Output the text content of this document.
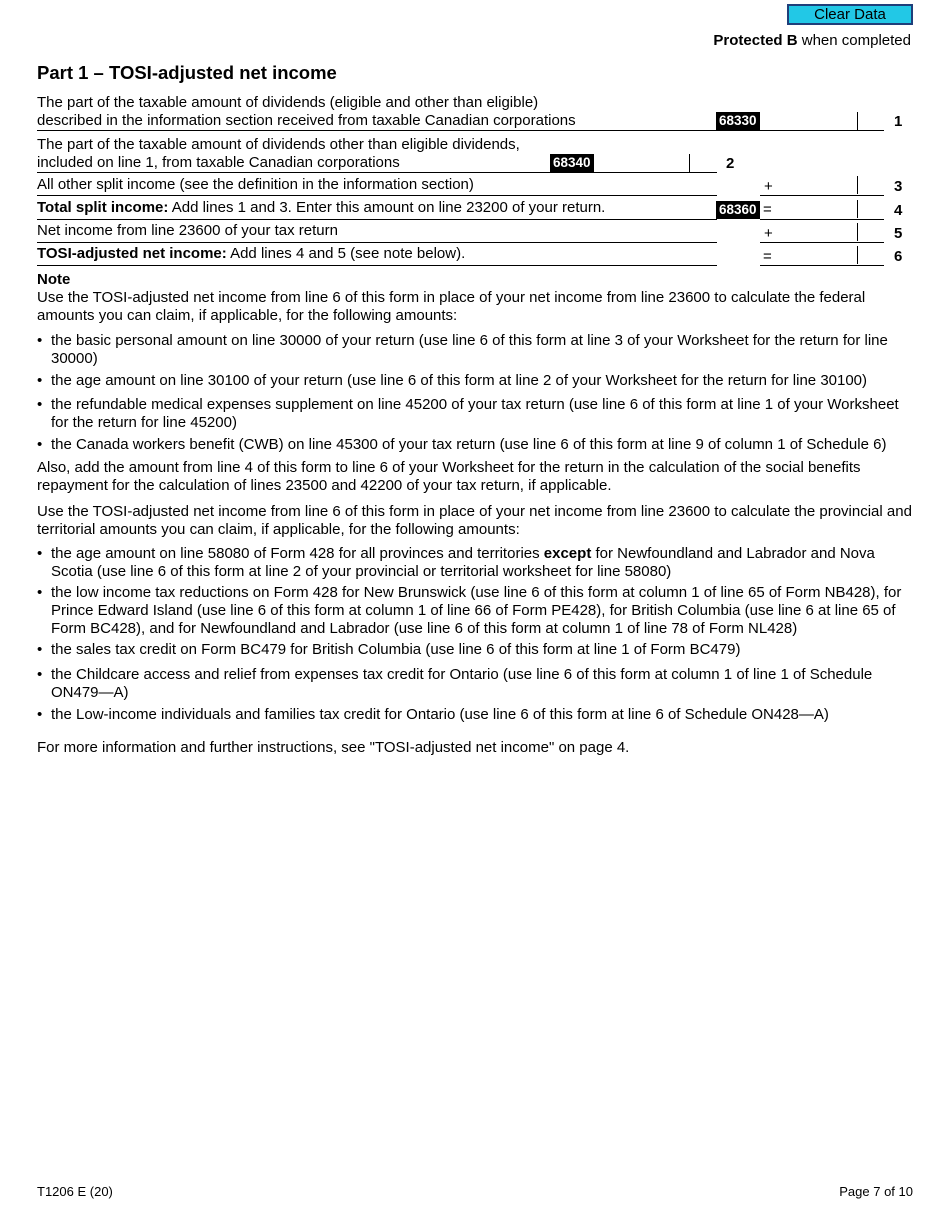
Clear Data
Protected B when completed
Part 1 – TOSI-adjusted net income
The part of the taxable amount of dividends (eligible and other than eligible)
described in the information section received from taxable Canadian corporations	68330	1
The part of the taxable amount of dividends other than eligible dividends,
included on line 1, from taxable Canadian corporations	68340	2
All other split income (see the definition in the information section)	+	3
Total split income: Add lines 1 and 3. Enter this amount on line 23200 of your return.	68360 =	4
Net income from line 23600 of your tax return	+	5
TOSI-adjusted net income: Add lines 4 and 5 (see note below).	=	6
Note
Use the TOSI-adjusted net income from line 6 of this form in place of your net income from line 23600 to calculate the federal amounts you can claim, if applicable, for the following amounts:
• the basic personal amount on line 30000 of your return (use line 6 of this form at line 3 of your Worksheet for the return for line 30000)
• the age amount on line 30100 of your return (use line 6 of this form at line 2 of your Worksheet for the return for line 30100)
• the refundable medical expenses supplement on line 45200 of your tax return (use line 6 of this form at line 1 of your Worksheet for the return for line 45200)
• the Canada workers benefit (CWB) on line 45300 of your tax return (use line 6 of this form at line 9 of column 1 of Schedule 6)
Also, add the amount from line 4 of this form to line 6 of your Worksheet for the return in the calculation of the social benefits repayment for the calculation of lines 23500 and 42200 of your tax return, if applicable.
Use the TOSI-adjusted net income from line 6 of this form in place of your net income from line 23600 to calculate the provincial and territorial amounts you can claim, if applicable, for the following amounts:
• the age amount on line 58080 of Form 428 for all provinces and territories except for Newfoundland and Labrador and Nova Scotia (use line 6 of this form at line 2 of your provincial or territorial worksheet for line 58080)
• the low income tax reductions on Form 428 for New Brunswick (use line 6 of this form at column 1 of line 65 of Form NB428), for Prince Edward Island (use line 6 of this form at column 1 of line 66 of Form PE428), for British Columbia (use line 6 at line 65 of Form BC428), and for Newfoundland and Labrador (use line 6 of this form at column 1 of line 78 of Form NL428)
• the sales tax credit on Form BC479 for British Columbia (use line 6 of this form at line 1 of Form BC479)
• the Childcare access and relief from expenses tax credit for Ontario (use line 6 of this form at column 1 of line 1 of Schedule ON479—A)
• the Low-income individuals and families tax credit for Ontario (use line 6 of this form at line 6 of Schedule ON428—A)
For more information and further instructions, see "TOSI-adjusted net income" on page 4.
T1206 E (20)	Page 7 of 10
